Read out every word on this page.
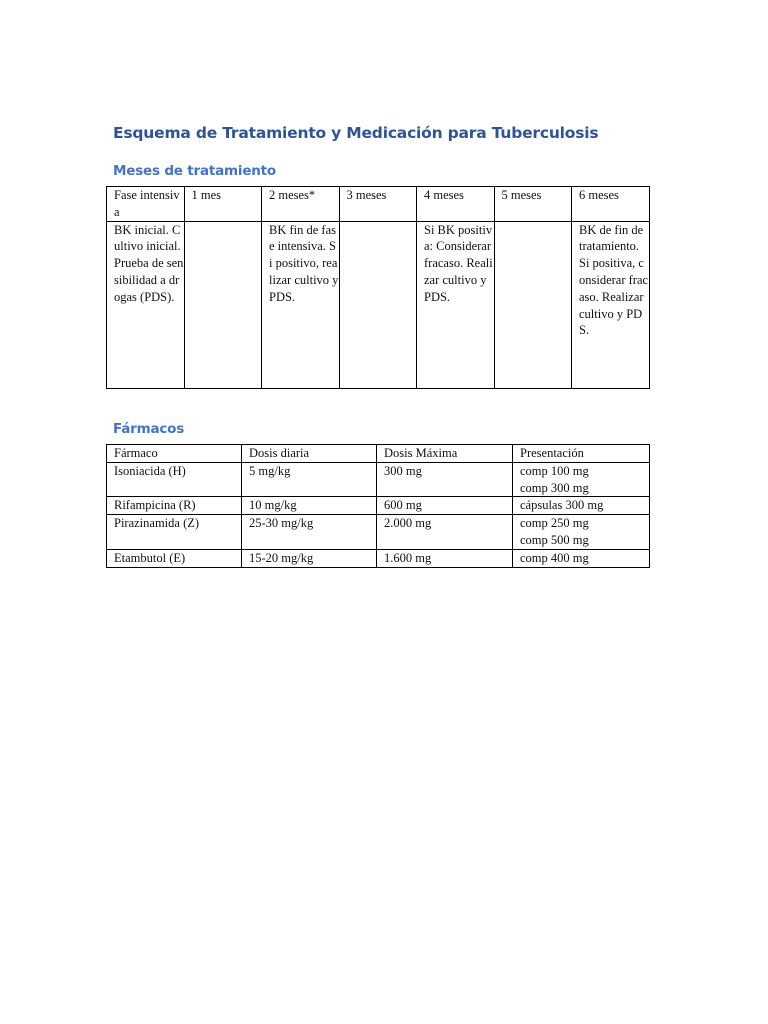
Esquema de Tratamiento y Medicación para Tuberculosis
Meses de tratamiento
Fase intensiva	1 mes	2 meses*	3 meses	4 meses	5 meses	6 meses
BK inicial. Cultivo inicial. Prueba de sensibilidad a drogas (PDS).		BK fin de fase intensiva. Si positivo, realizar cultivo y PDS.		Si BK positiva: Considerar fracaso. Realizar cultivo y PDS.		BK de fin de tratamiento.
Si positiva, considerar fracaso. Realizar cultivo y PDS.
Fármacos
Fármaco	Dosis diaria	Dosis Máxima	Presentación
Isoniacida (H)	5 mg/kg	300 mg	comp 100 mg
comp 300 mg
Rifampicina (R)	10 mg/kg	600 mg	cápsulas 300 mg
Pirazinamida (Z)	25-30 mg/kg	2.000 mg	comp 250 mg
comp 500 mg
Etambutol (E)	15-20 mg/kg	1.600 mg	comp 400 mg
